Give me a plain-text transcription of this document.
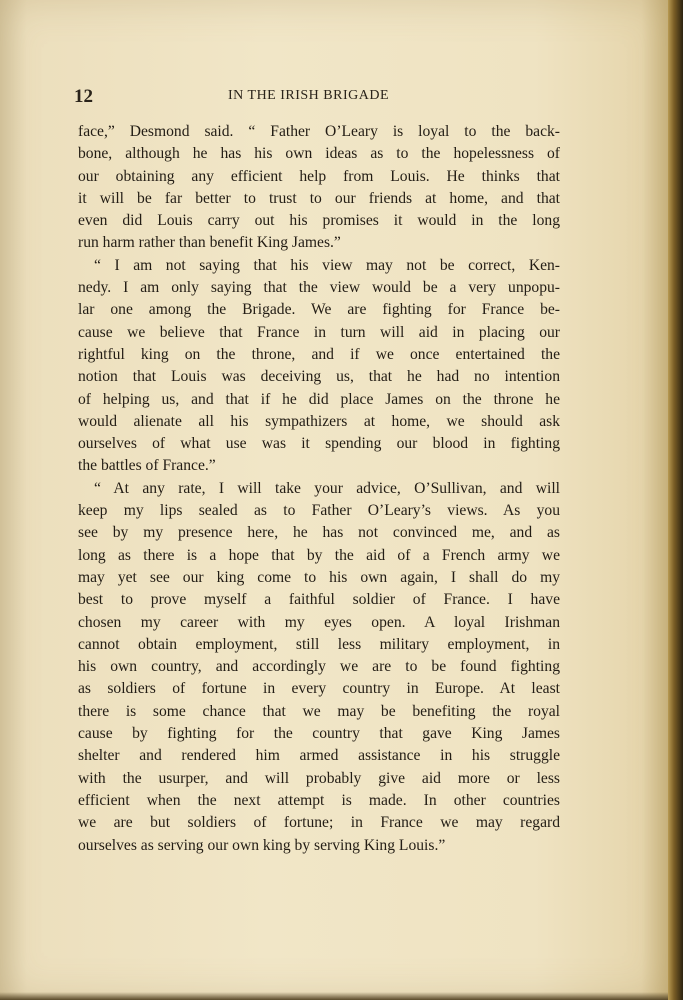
12	IN THE IRISH BRIGADE
face,” Desmond said. “ Father O’Leary is loyal to the back-
bone, although he has his own ideas as to the hopelessness of
our obtaining any efficient help from Louis. He thinks that
it will be far better to trust to our friends at home, and that
even did Louis carry out his promises it would in the long
run harm rather than benefit King James.”
“ I am not saying that his view may not be correct, Ken-
nedy. I am only saying that the view would be a very unpopu-
lar one among the Brigade. We are fighting for France be-
cause we believe that France in turn will aid in placing our
rightful king on the throne, and if we once entertained the
notion that Louis was deceiving us, that he had no intention
of helping us, and that if he did place James on the throne he
would alienate all his sympathizers at home, we should ask
ourselves of what use was it spending our blood in fighting
the battles of France.”
“ At any rate, I will take your advice, O’Sullivan, and will
keep my lips sealed as to Father O’Leary’s views. As you
see by my presence here, he has not convinced me, and as
long as there is a hope that by the aid of a French army we
may yet see our king come to his own again, I shall do my
best to prove myself a faithful soldier of France. I have
chosen my career with my eyes open. A loyal Irishman
cannot obtain employment, still less military employment, in
his own country, and accordingly we are to be found fighting
as soldiers of fortune in every country in Europe. At least
there is some chance that we may be benefiting the royal
cause by fighting for the country that gave King James
shelter and rendered him armed assistance in his struggle
with the usurper, and will probably give aid more or less
efficient when the next attempt is made. In other countries
we are but soldiers of fortune; in France we may regard
ourselves as serving our own king by serving King Louis.”
